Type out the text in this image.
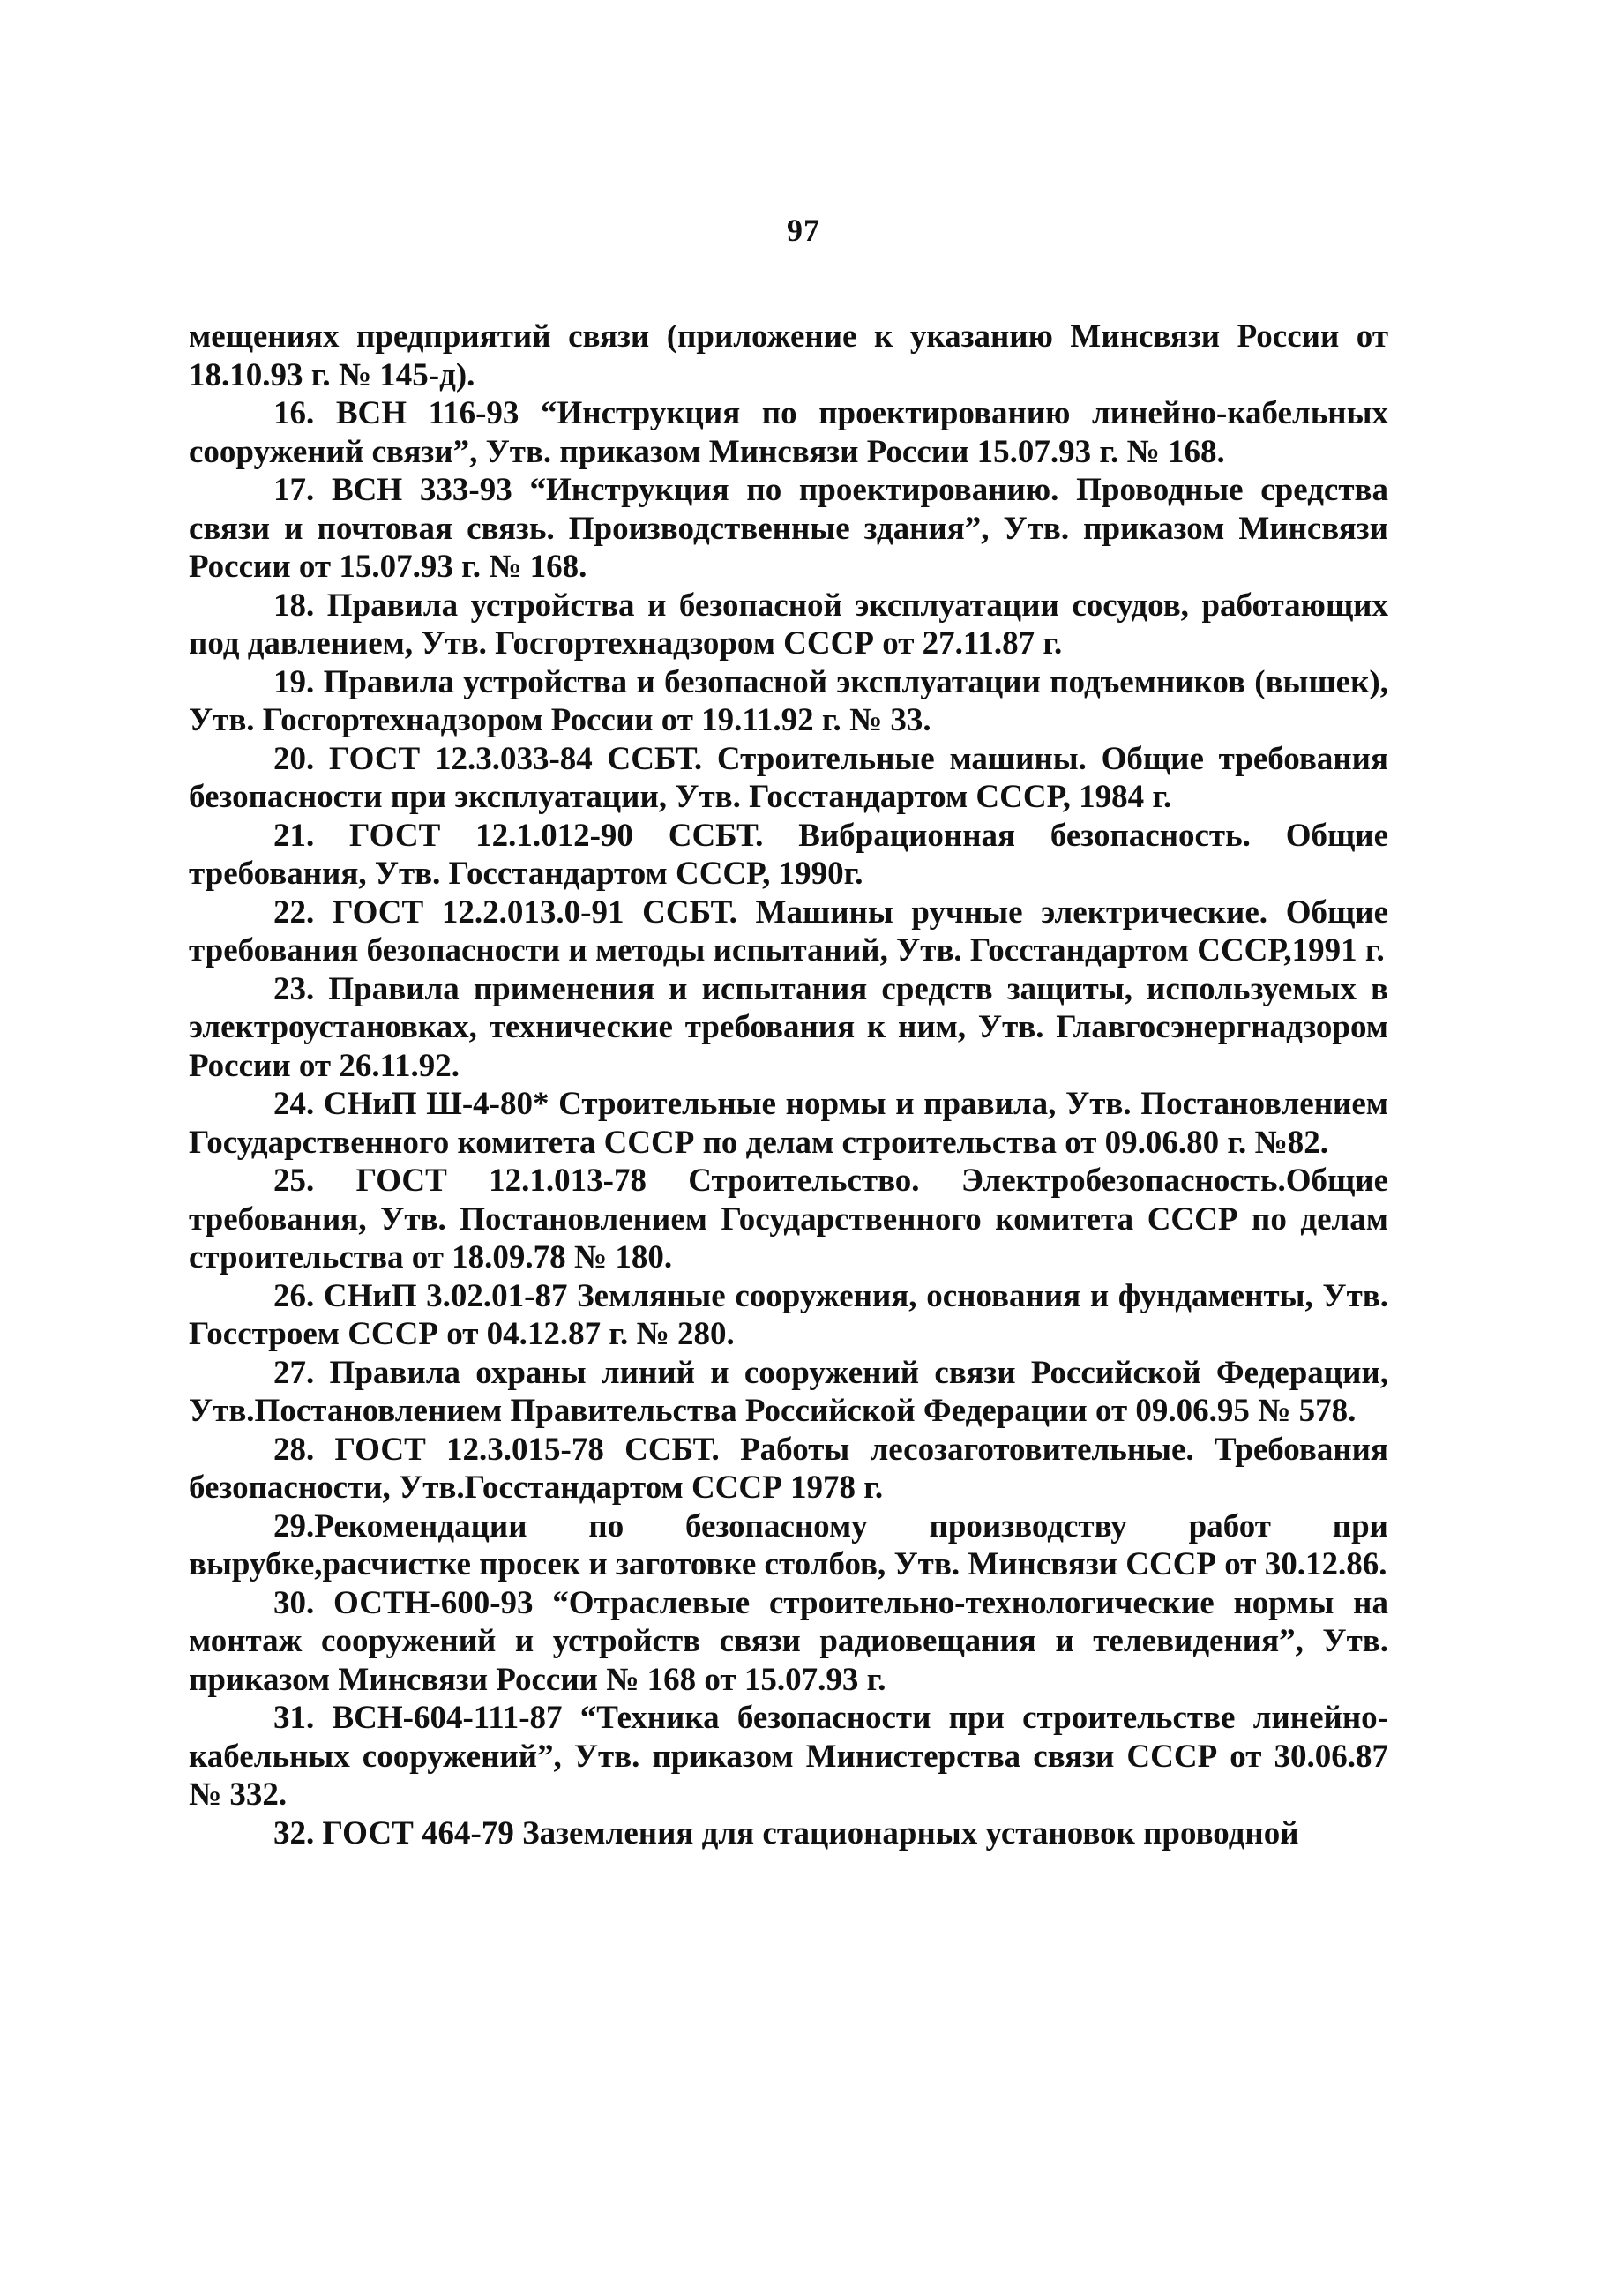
97

мещениях предприятий связи (приложение к указанию Минсвязи России от 18.10.93 г. № 145-д).

16. ВСН 116-93 “Инструкция по проектированию линейно-кабельных сооружений связи”, Утв. приказом Минсвязи России 15.07.93 г. № 168.

17. ВСН 333-93 “Инструкция по проектированию. Проводные средства связи и почтовая связь. Производственные здания”, Утв. приказом Минсвязи России от 15.07.93 г. № 168.

18. Правила устройства и безопасной эксплуатации сосудов, работающих под давлением, Утв. Госгортехнадзором СССР от 27.11.87 г.

19. Правила устройства и безопасной эксплуатации подъемников (вышек), Утв. Госгортехнадзором России от 19.11.92 г. № 33.

20. ГОСТ 12.3.033-84 ССБТ. Строительные машины. Общие требования безопасности при эксплуатации, Утв. Госстандартом СССР, 1984 г.

21. ГОСТ 12.1.012-90 ССБТ. Вибрационная безопасность. Общие требования, Утв. Госстандартом СССР, 1990г.

22. ГОСТ 12.2.013.0-91 ССБТ. Машины ручные электрические. Общие требования безопасности и методы испытаний, Утв. Госстандартом СССР,1991 г.

23. Правила применения и испытания средств защиты, используемых в электроустановках, технические требования к ним, Утв. Главгосэнергнадзором России от 26.11.92.

24. СНиП Ш-4-80* Строительные нормы и правила, Утв. Постановлением Государственного комитета СССР по делам строительства от 09.06.80 г. №82.

25. ГОСТ 12.1.013-78 Строительство. Электробезопасность.Общие требования, Утв. Постановлением Государственного комитета СССР по делам строительства от 18.09.78 № 180.

26. СНиП 3.02.01-87 Земляные сооружения, основания и фундаменты, Утв. Госстроем СССР от 04.12.87 г. № 280.

27. Правила охраны линий и сооружений связи Российской Федерации, Утв.Постановлением Правительства Российской Федерации от 09.06.95 № 578.

28. ГОСТ 12.3.015-78 ССБТ. Работы лесозаготовительные. Требования безопасности, Утв.Госстандартом СССР 1978 г.

29.Рекомендации по безопасному производству работ при вырубке,расчистке просек и заготовке столбов, Утв. Минсвязи СССР от 30.12.86.

30. ОСТН-600-93 “Отраслевые строительно-технологические нормы на монтаж сооружений и устройств связи радиовещания и телевидения”, Утв. приказом Минсвязи России № 168 от 15.07.93 г.

31. ВСН-604-111-87 “Техника безопасности при строительстве линейно-кабельных сооружений”, Утв. приказом Министерства связи СССР от 30.06.87 № 332.

32. ГОСТ 464-79 Заземления для стационарных установок проводной
